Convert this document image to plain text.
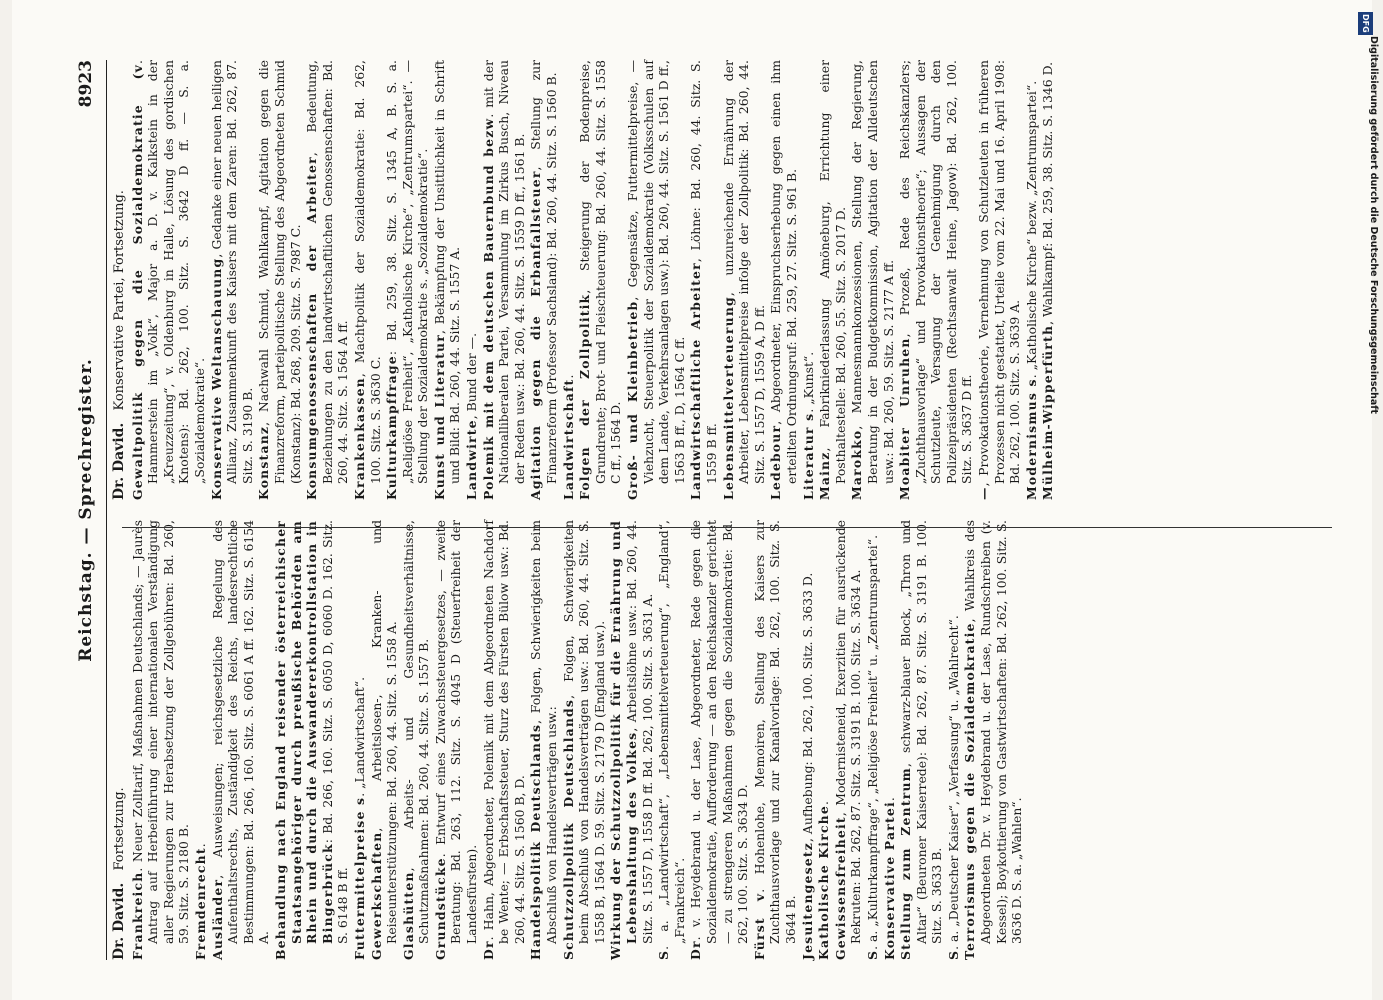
Reichstag. — Sprechregister.
8923
Dr. David. Fortsetzung.
Frankreich. Neuer Zolltarif, Maßnahmen Deutschlands; — Jaurès Antrag auf Herbeiführung einer internationalen Verständigung aller Regierungen zur Herabsetzung der Zollgebühren: Bd. 260, 59. Sitz. S. 2180 B. Fremdenrecht.
Ausländer, Ausweisungen; reichsgesetzliche Regelung des Aufenthaltsrechts, Zuständigkeit des Reichs, landesrechtliche Bestimmungen: Bd. 266, 160. Sitz. S. 6061 A ff. 162. Sitz. S. 6154 A. Behandlung nach England reisender österreichischer Staatsangehöriger durch preußische Behörden am Rhein und durch die Auswandererkontrollstation in Bingerbrück: Bd. 266, 160. Sitz. S. 6050 D, 6060 D. 162. Sitz. S. 6148 B ff. Futtermittelpreise s. „Landwirtschaft“.
Gewerkschaften, Arbeitslosen-, Kranken- und Reiseunterstützungen: Bd. 260, 44. Sitz. S. 1558 A. Glashütten, Arbeits- und Gesundheitsverhältnisse, Schutzmaßnahmen: Bd. 260, 44. Sitz. S. 1557 B. Grundstücke. Entwurf eines Zuwachssteuergesetzes, — zweite Beratung: Bd. 263, 112. Sitz. S. 4045 D (Steuerfreiheit der Landesfürsten).
Dr. Hahn, Abgeordneter, Polemik mit dem Abgeordneten Nachdorf be Wente; — Erbschaftssteuer, Sturz des Fürsten Bülow usw.: Bd. 260, 44. Sitz. S. 1560 B, D. Handelspolitik Deutschlands, Folgen, Schwierigkeiten beim Abschluß von Handelsverträgen usw.: Schutzzollpolitik Deutschlands, Folgen, Schwierigkeiten beim Abschluß von Handelsverträgen usw.: Bd. 260, 44. Sitz. S. 1558 B, 1564 D. 59. Sitz. S. 2179 D (England usw.). Wirkung der Schutzzollpolitik für die Ernährung und Lebenshaltung des Volkes, Arbeitslöhne usw.: Bd. 260, 44. Sitz. S. 1557 D, 1558 D ff. Bd. 262, 100. Sitz. S. 3631 A.
S. a. „Landwirtschaft“, „Lebensmittelverteuerung“, „England“, „Frankreich“.
Dr. v. Heydebrand u. der Lase, Abgeordneter, Rede gegen die Sozialdemokratie, Aufforderung — an den Reichskanzler gerichtet — zu strengeren Maßnahmen gegen die Sozialdemokratie: Bd. 262, 100. Sitz. S. 3634 D. Fürst v. Hohenlohe, Memoiren, Stellung des Kaisers zur Zuchthausvorlage und zur Kanalvorlage: Bd. 262, 100. Sitz. S. 3644 B. Jesuitengesetz, Aufhebung: Bd. 262, 100. Sitz. S. 3633 D.
Katholische Kirche.
Gewissensfreiheit, Modernisteneid, Exerzitien für ausrückende Rekruten: Bd. 262, 87. Sitz. S. 3191 B. 100. Sitz. S. 3634 A.
S. a. „Kulturkampffrage“, „Religiöse Freiheit“ u. „Zentrumspartei“. Konservative Partei. Stellung zum Zentrum, schwarz-blauer Block, „Thron und Altar“ (Beuroner Kaiserrede): Bd. 262, 87. Sitz. S. 3191 B. 100. Sitz. S. 3633 B.
S. a. „Deutscher Kaiser“, „Verfassung“ u. „Wahlrecht“. Terrorismus gegen die Sozialdemokratie, Wahlkreis des Abgeordneten Dr. v. Heydebrand u. der Lase, Rundschreiben (v. Kessel); Boykottierung von Gastwirtschaften: Bd. 262, 100. Sitz. S. 3636 D. S. a. „Wahlen“.
Dr. David. Konservative Partei, Fortsetzung. Gewaltpolitik gegen die Sozialdemokratie (v. Hammerstein im „Volk“, Major a. D. v. Kalkstein in der „Kreuzzeitung“, v. Oldenburg in Halle, Lösung des gordischen Knotens): Bd. 262, 100. Sitz. S. 3642 D ff. — S. a. „Sozialdemokratie“. Konservative Weltanschauung, Gedanke einer neuen heiligen Allianz, Zusammenkunft des Kaisers mit dem Zaren: Bd. 262, 87. Sitz. S. 3190 B. Konstanz, Nachwahl Schmid, Wahlkampf, Agitation gegen die Finanzreform, parteipolitische Stellung des Abgeordneten Schmid (Konstanz): Bd. 268, 209. Sitz. S. 7987 C. Konsumgenossenschaften der Arbeiter, Bedeutung, Beziehungen zu den landwirtschaftlichen Genossenschaften: Bd. 260, 44. Sitz. S. 1564 A ff. Krankenkassen, Machtpolitik der Sozialdemokratie: Bd. 262, 100. Sitz. S. 3630 C. Kulturkampffrage: Bd. 259, 38. Sitz. S. 1345 A, B. S. a. „Religiöse Freiheit“, „Katholische Kirche“, „Zentrumspartei“. — Stellung der Sozialdemokratie s. „Sozialdemokratie“. Kunst und Literatur, Bekämpfung der Unsittlichkeit in Schrift und Bild: Bd. 260, 44. Sitz. S. 1557 A. Landwirte, Bund der —. Polemik mit dem deutschen Bauernbund bezw. mit der Nationalliberalen Partei, Versammlung im Zirkus Busch, Niveau der Reden usw.: Bd. 260, 44. Sitz. S. 1559 D ff., 1561 B. Agitation gegen die Erbanfallsteuer, Stellung zur Finanzreform (Professor Sachsland): Bd. 260, 44. Sitz. S. 1560 B. Landwirtschaft. Folgen der Zollpolitik, Steigerung der Bodenpreise, Grundrente; Brot- und Fleischteuerung: Bd. 260, 44. Sitz. S. 1558 C ff., 1564 D. Groß- und Kleinbetrieb, Gegensätze, Futtermittelpreise, — Viehzucht, Steuerpolitik der Sozialdemokratie (Volksschulen auf dem Lande, Verkehrsanlagen usw.): Bd. 260, 44. Sitz. S. 1561 D ff., 1563 B ff., D, 1564 C ff. Landwirtschaftliche Arbeiter, Löhne: Bd. 260, 44. Sitz. S. 1559 B ff. Lebensmittelverteuerung, unzureichende Ernährung der Arbeiter, Lebensmittelpreise infolge der Zollpolitik: Bd. 260, 44. Sitz. S. 1557 D, 1559 A, D ff. Ledebour, Abgeordneter, Einspruchserhebung gegen einen ihm erteilten Ordnungsruf: Bd. 259, 27. Sitz. S. 961 B. Literatur s. „Kunst“.
Mainz, Fabrikniederlassung Amöneburg, Errichtung einer Posthaltestelle: Bd. 260, 55. Sitz. S. 2017 D. Marokko, Mannesmannkonzessionen, Stellung der Regierung, Beratung in der Budgetkommission, Agitation der Alldeutschen usw.: Bd. 260, 59. Sitz. S. 2177 A ff. Moabiter Unruhen, Prozeß, Rede des Reichskanzlers; „Zuchthausvorlage“ und Provokationstheorie“; Aussagen der Schutzleute, Versagung der Genehmigung durch den Polizeipräsidenten (Rechtsanwalt Heine, Jagow): Bd. 262, 100. Sitz. S. 3637 D ff.
—, Provokationstheorie, Vernehmung von Schutzleuten in früheren Prozessen nicht gestattet, Urteile vom 22. Mai und 16. April 1908: Bd. 262, 100. Sitz. S. 3639 A. Modernismus s. „Katholische Kirche“ bezw. „Zentrumspartei“.
Mülheim-Wipperfürth, Wahlkampf: Bd. 259, 38. Sitz. S. 1346 D.
DFG
Digitalisierung gefördert durch die Deutsche Forschungsgemeinschaft
